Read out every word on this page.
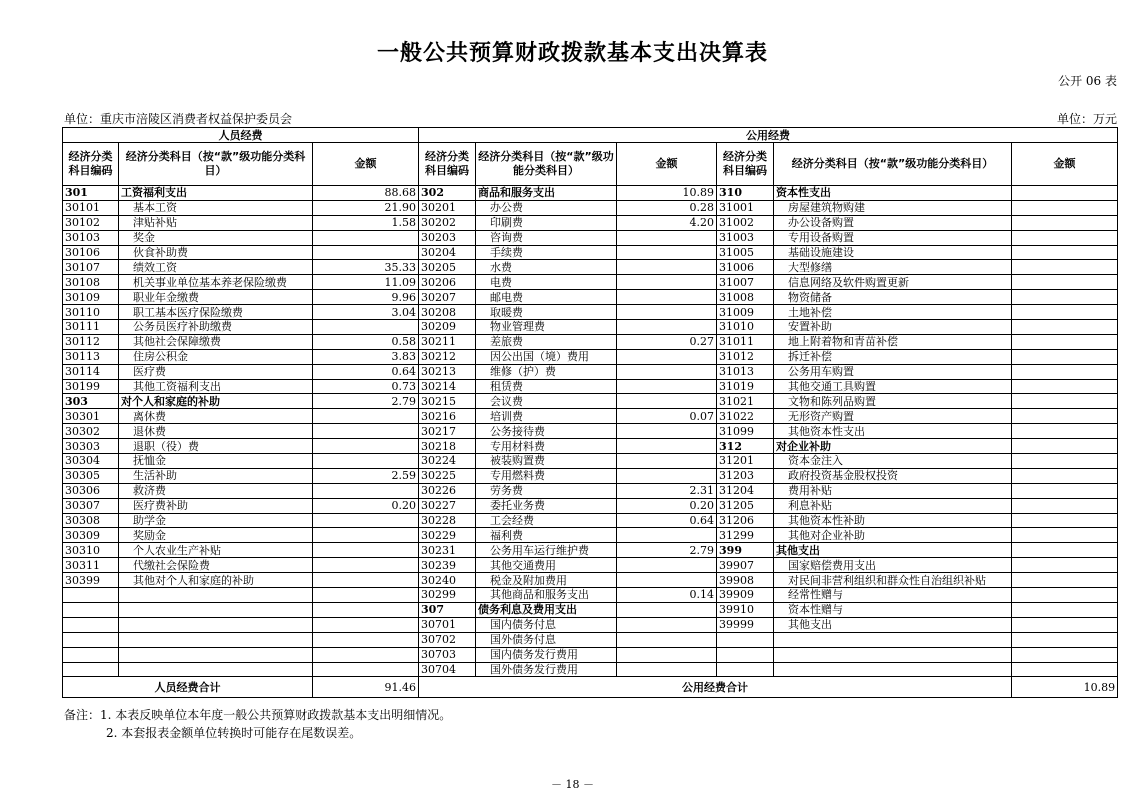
一般公共预算财政拨款基本支出决算表
公开 06 表
单位：重庆市涪陵区消费者权益保护委员会	单位：万元
人员经费			公用经费					
经济分类科目编码	经济分类科目（按“款”级功能分类科目）	金额	经济分类科目编码	经济分类科目（按“款”级功能分类科目）	金额	经济分类科目编码	经济分类科目（按“款”级功能分类科目）	金额
301	工资福利支出	88.68	302	商品和服务支出	10.89	310	资本性支出	
30101	基本工资	21.90	30201	办公费	0.28	31001	房屋建筑物购建	
30102	津贴补贴	1.58	30202	印刷费	4.20	31002	办公设备购置	
30103	奖金		30203	咨询费		31003	专用设备购置	
30106	伙食补助费		30204	手续费		31005	基础设施建设	
30107	绩效工资	35.33	30205	水费		31006	大型修缮	
30108	机关事业单位基本养老保险缴费	11.09	30206	电费		31007	信息网络及软件购置更新	
30109	职业年金缴费	9.96	30207	邮电费		31008	物资储备	
30110	职工基本医疗保险缴费	3.04	30208	取暖费		31009	土地补偿	
30111	公务员医疗补助缴费		30209	物业管理费		31010	安置补助	
30112	其他社会保障缴费	0.58	30211	差旅费	0.27	31011	地上附着物和青苗补偿	
30113	住房公积金	3.83	30212	因公出国（境）费用		31012	拆迁补偿	
30114	医疗费	0.64	30213	维修（护）费		31013	公务用车购置	
30199	其他工资福利支出	0.73	30214	租赁费		31019	其他交通工具购置	
303	对个人和家庭的补助	2.79	30215	会议费		31021	文物和陈列品购置	
30301	离休费		30216	培训费	0.07	31022	无形资产购置	
30302	退休费		30217	公务接待费		31099	其他资本性支出	
30303	退职（役）费		30218	专用材料费		312	对企业补助	
30304	抚恤金		30224	被装购置费		31201	资本金注入	
30305	生活补助	2.59	30225	专用燃料费		31203	政府投资基金股权投资	
30306	救济费		30226	劳务费	2.31	31204	费用补贴	
30307	医疗费补助	0.20	30227	委托业务费	0.20	31205	利息补贴	
30308	助学金		30228	工会经费	0.64	31206	其他资本性补助	
30309	奖励金		30229	福利费		31299	其他对企业补助	
30310	个人农业生产补贴		30231	公务用车运行维护费	2.79	399	其他支出	
30311	代缴社会保险费		30239	其他交通费用		39907	国家赔偿费用支出	
30399	其他对个人和家庭的补助		30240	税金及附加费用		39908	对民间非营利组织和群众性自治组织补贴	
			30299	其他商品和服务支出	0.14	39909	经常性赠与	
			307	债务利息及费用支出		39910	资本性赠与	
			30701	国内债务付息		39999	其他支出	
			30702	国外债务付息				
			30703	国内债务发行费用				
			30704	国外债务发行费用				
人员经费合计		91.46	公用经费合计					10.89
备注：1. 本表反映单位本年度一般公共预算财政拨款基本支出明细情况。
2. 本套报表金额单位转换时可能存在尾数误差。
－ 18 －
